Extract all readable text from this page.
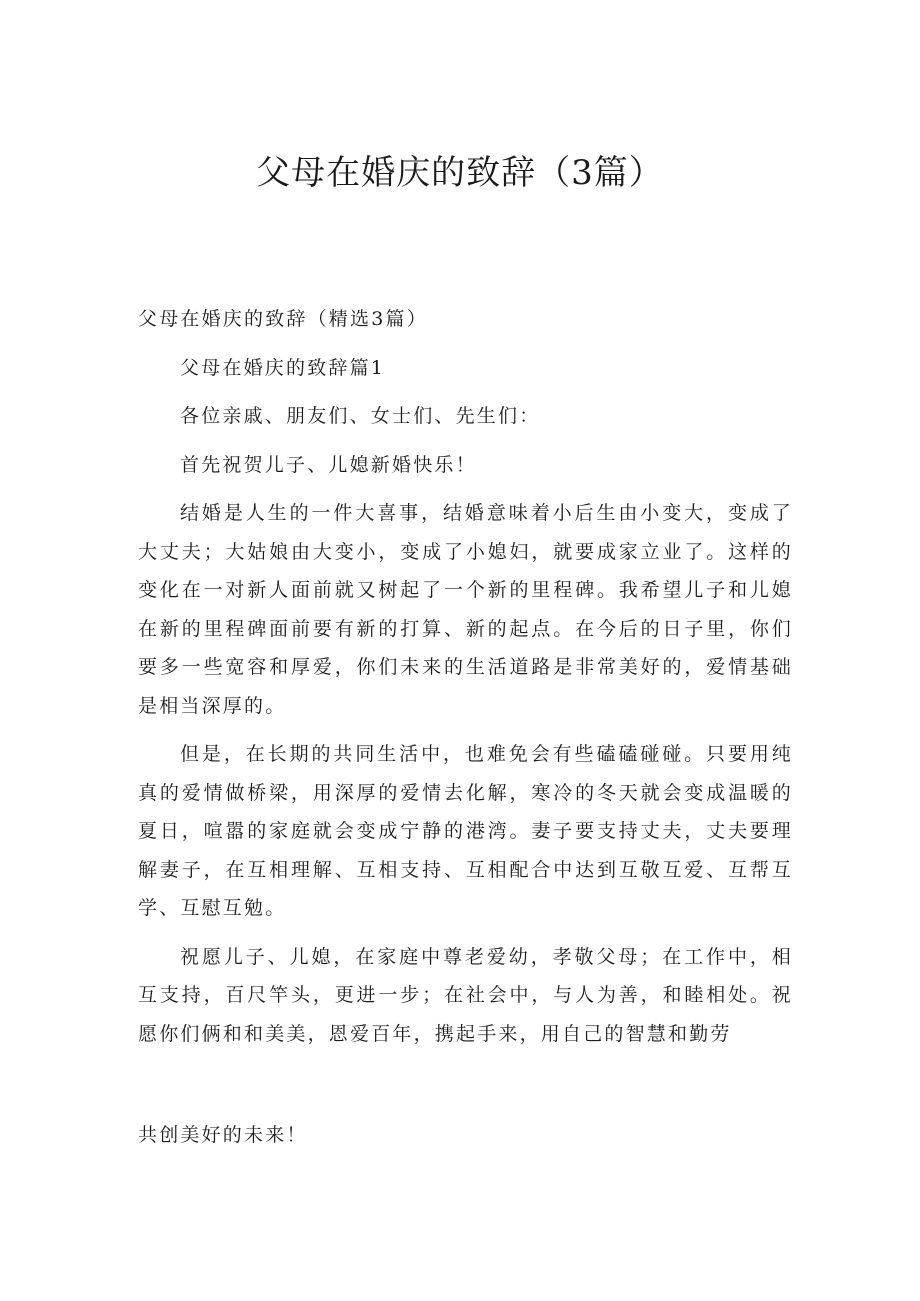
父母在婚庆的致辞（3篇）

父母在婚庆的致辞（精选3篇）

父母在婚庆的致辞篇1

各位亲戚、朋友们、女士们、先生们：

首先祝贺儿子、儿媳新婚快乐！

结婚是人生的一件大喜事，结婚意味着小后生由小变大，变成了大丈夫；大姑娘由大变小，变成了小媳妇，就要成家立业了。这样的变化在一对新人面前就又树起了一个新的里程碑。我希望儿子和儿媳在新的里程碑面前要有新的打算、新的起点。在今后的日子里，你们要多一些宽容和厚爱，你们未来的生活道路是非常美好的，爱情基础是相当深厚的。

但是，在长期的共同生活中，也难免会有些磕磕碰碰。只要用纯真的爱情做桥梁，用深厚的爱情去化解，寒冷的冬天就会变成温暖的夏日，喧嚣的家庭就会变成宁静的港湾。妻子要支持丈夫，丈夫要理解妻子，在互相理解、互相支持、互相配合中达到互敬互爱、互帮互学、互慰互勉。

祝愿儿子、儿媳，在家庭中尊老爱幼，孝敬父母；在工作中，相互支持，百尺竿头，更进一步；在社会中，与人为善，和睦相处。祝愿你们俩和和美美，恩爱百年，携起手来，用自己的智慧和勤劳

共创美好的未来！
